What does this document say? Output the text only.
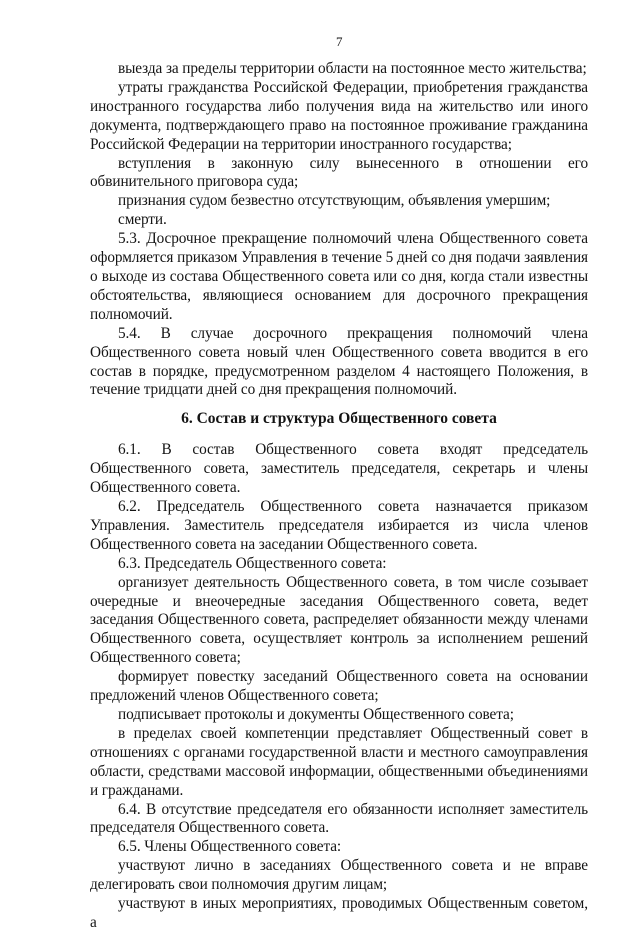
7

выезда за пределы территории области на постоянное место жительства;

утраты гражданства Российской Федерации, приобретения гражданства иностранного государства либо получения вида на жительство или иного документа, подтверждающего право на постоянное проживание гражданина Российской Федерации на территории иностранного государства;

вступления в законную силу вынесенного в отношении его обвинительного приговора суда;

признания судом безвестно отсутствующим, объявления умершим;

смерти.

5.3. Досрочное прекращение полномочий члена Общественного совета оформляется приказом Управления в течение 5 дней со дня подачи заявления о выходе из состава Общественного совета или со дня, когда стали известны обстоятельства, являющиеся основанием для досрочного прекращения полномочий.

5.4. В случае досрочного прекращения полномочий члена Общественного совета новый член Общественного совета вводится в его состав в порядке, предусмотренном разделом 4 настоящего Положения, в течение тридцати дней со дня прекращения полномочий.

6. Состав и структура Общественного совета

6.1. В состав Общественного совета входят председатель Общественного совета, заместитель председателя, секретарь и члены Общественного совета.

6.2. Председатель Общественного совета назначается приказом Управления. Заместитель председателя избирается из числа членов Общественного совета на заседании Общественного совета.

6.3. Председатель Общественного совета:

организует деятельность Общественного совета, в том числе созывает очередные и внеочередные заседания Общественного совета, ведет заседания Общественного совета, распределяет обязанности между членами Общественного совета, осуществляет контроль за исполнением решений Общественного совета;

формирует повестку заседаний Общественного совета на основании предложений членов Общественного совета;

подписывает протоколы и документы Общественного совета;

в пределах своей компетенции представляет Общественный совет в отношениях с органами государственной власти и местного самоуправления области, средствами массовой информации, общественными объединениями и гражданами.

6.4. В отсутствие председателя его обязанности исполняет заместитель председателя Общественного совета.

6.5. Члены Общественного совета:

участвуют лично в заседаниях Общественного совета и не вправе делегировать свои полномочия другим лицам;

участвуют в иных мероприятиях, проводимых Общественным советом, а
